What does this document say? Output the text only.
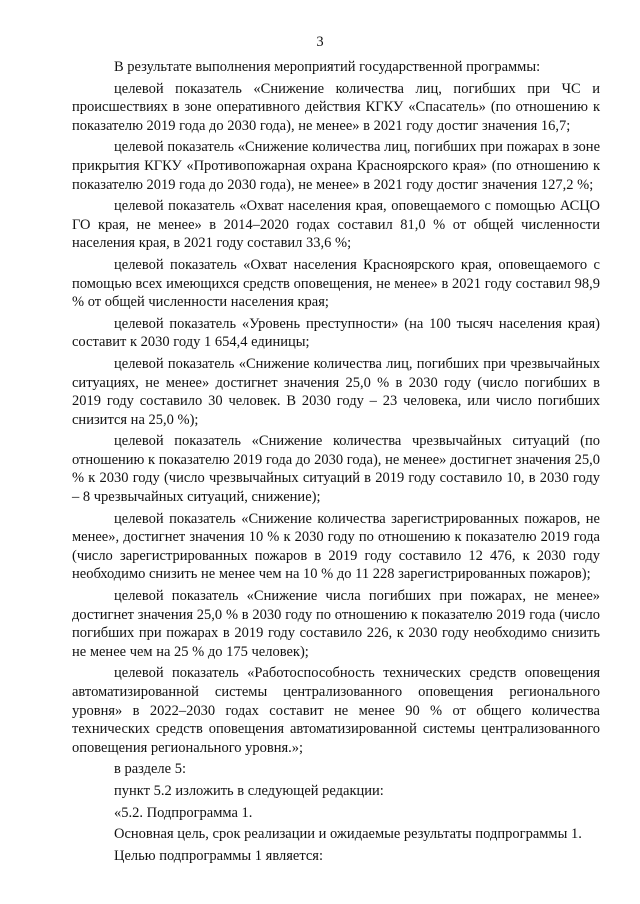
3

В результате выполнения мероприятий государственной программы:

целевой показатель «Снижение количества лиц, погибших при ЧС и происшествиях в зоне оперативного действия КГКУ «Спасатель» (по отношению к показателю 2019 года до 2030 года), не менее» в 2021 году достиг значения 16,7;

целевой показатель «Снижение количества лиц, погибших при пожарах в зоне прикрытия КГКУ «Противопожарная охрана Красноярского края» (по отношению к показателю 2019 года до 2030 года), не менее» в 2021 году достиг значения 127,2 %;

целевой показатель «Охват населения края, оповещаемого с помощью АСЦО ГО края, не менее» в 2014–2020 годах составил 81,0 % от общей численности населения края, в 2021 году составил 33,6 %;

целевой показатель «Охват населения Красноярского края, оповещаемого с помощью всех имеющихся средств оповещения, не менее» в 2021 году составил 98,9 % от общей численности населения края;

целевой показатель «Уровень преступности» (на 100 тысяч населения края) составит к 2030 году 1 654,4 единицы;

целевой показатель «Снижение количества лиц, погибших при чрезвычайных ситуациях, не менее» достигнет значения 25,0 % в 2030 году (число погибших в 2019 году составило 30 человек. В 2030 году – 23 человека, или число погибших снизится на 25,0 %);

целевой показатель «Снижение количества чрезвычайных ситуаций (по отношению к показателю 2019 года до 2030 года), не менее» достигнет значения 25,0 % к 2030 году (число чрезвычайных ситуаций в 2019 году составило 10, в 2030 году – 8 чрезвычайных ситуаций, снижение);

целевой показатель «Снижение количества зарегистрированных пожаров, не менее», достигнет значения 10 % к 2030 году по отношению к показателю 2019 года (число зарегистрированных пожаров в 2019 году составило 12 476, к 2030 году необходимо снизить не менее чем на 10 % до 11 228 зарегистрированных пожаров);

целевой показатель «Снижение числа погибших при пожарах, не менее» достигнет значения 25,0 % в 2030 году по отношению к показателю 2019 года (число погибших при пожарах в 2019 году составило 226, к 2030 году необходимо снизить не менее чем на 25 % до 175 человек);

целевой показатель «Работоспособность технических средств оповещения автоматизированной системы централизованного оповещения регионального уровня» в 2022–2030 годах составит не менее 90 % от общего количества технических средств оповещения автоматизированной системы централизованного оповещения регионального уровня.»;

в разделе 5:

пункт 5.2 изложить в следующей редакции:

«5.2. Подпрограмма 1.

Основная цель, срок реализации и ожидаемые результаты подпрограммы 1.

Целью подпрограммы 1 является:
